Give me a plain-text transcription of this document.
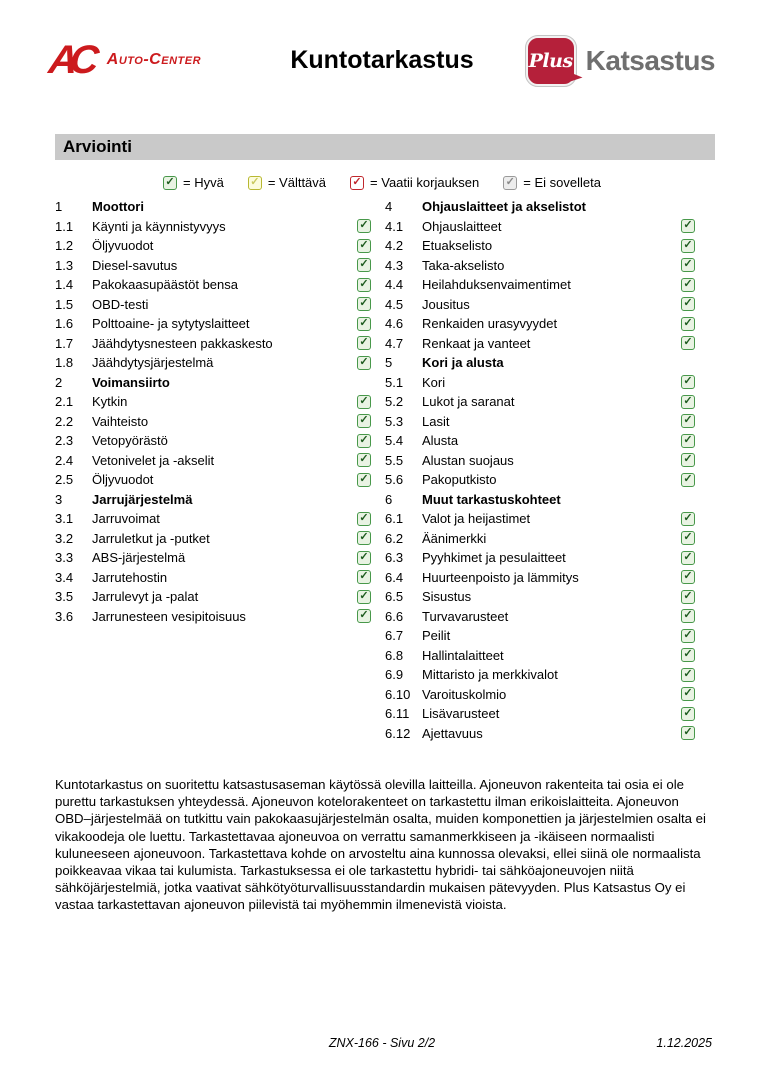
AC Auto-Center	Kuntotarkastus	Plus Katsastus
Arviointi
✓ = Hyvä ✓ = Välttävä ✓ = Vaatii korjauksen ✓ = Ei sovelleta
1	Moottori
1.1	Käynti ja käynnistyvyys	✓
1.2	Öljyvuodot	✓
1.3	Diesel-savutus	✓
1.4	Pakokaasupäästöt bensa	✓
1.5	OBD-testi	✓
1.6	Polttoaine- ja sytytyslaitteet	✓
1.7	Jäähdytysnesteen pakkaskesto	✓
1.8	Jäähdytysjärjestelmä	✓
2	Voimansiirto
2.1	Kytkin	✓
2.2	Vaihteisto	✓
2.3	Vetopyörästö	✓
2.4	Vetonivelet ja -akselit	✓
2.5	Öljyvuodot	✓
3	Jarrujärjestelmä
3.1	Jarruvoimat	✓
3.2	Jarruletkut ja -putket	✓
3.3	ABS-järjestelmä	✓
3.4	Jarrutehostin	✓
3.5	Jarrulevyt ja -palat	✓
3.6	Jarrunesteen vesipitoisuus	✓
4	Ohjauslaitteet ja akselistot
4.1	Ohjauslaitteet	✓
4.2	Etuakselisto	✓
4.3	Taka-akselisto	✓
4.4	Heilahduksenvaimentimet	✓
4.5	Jousitus	✓
4.6	Renkaiden urasyvyydet	✓
4.7	Renkaat ja vanteet	✓
5	Kori ja alusta
5.1	Kori	✓
5.2	Lukot ja saranat	✓
5.3	Lasit	✓
5.4	Alusta	✓
5.5	Alustan suojaus	✓
5.6	Pakoputkisto	✓
6	Muut tarkastuskohteet
6.1	Valot ja heijastimet	✓
6.2	Äänimerkki	✓
6.3	Pyyhkimet ja pesulaitteet	✓
6.4	Huurteenpoisto ja lämmitys	✓
6.5	Sisustus	✓
6.6	Turvavarusteet	✓
6.7	Peilit	✓
6.8	Hallintalaitteet	✓
6.9	Mittaristo ja merkkivalot	✓
6.10 Varoituskolmio	✓
6.11 Lisävarusteet	✓
6.12 Ajettavuus	✓
Kuntotarkastus on suoritettu katsastusaseman käytössä olevilla laitteilla. Ajoneuvon rakenteita tai osia ei ole purettu tarkastuksen yhteydessä. Ajoneuvon kotelorakenteet on tarkastettu ilman erikoislaitteita. Ajoneuvon OBD–järjestelmää on tutkittu vain pakokaasujärjestelmän osalta, muiden komponettien ja järjestelmien osalta ei vikakoodeja ole luettu. Tarkastettavaa ajoneuvoa on verrattu samanmerkkiseen ja -ikäiseen normaalisti kuluneeseen ajoneuvoon. Tarkastettava kohde on arvosteltu aina kunnossa olevaksi, ellei siinä ole normaalista poikkeavaa vikaa tai kulumista. Tarkastuksessa ei ole tarkastettu hybridi- tai sähköajoneuvojen niitä sähköjärjestelmiä, jotka vaativat sähkötyöturvallisuusstandardin mukaisen pätevyyden. Plus Katsastus Oy ei vastaa tarkastettavan ajoneuvon piilevistä tai myöhemmin ilmenevistä vioista.
ZNX-166 - Sivu 2/2	1.12.2025
